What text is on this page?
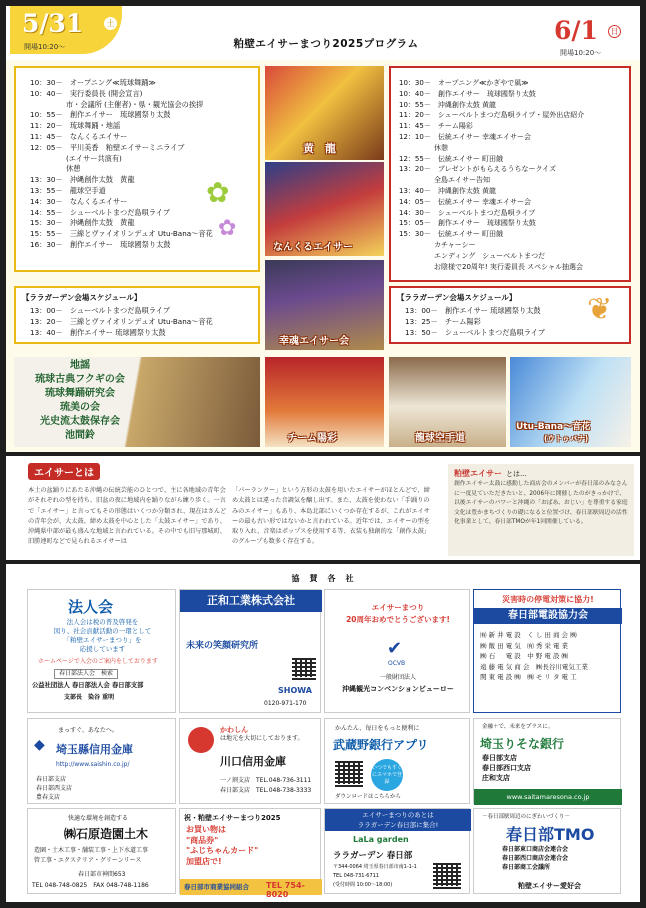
5/31	土
開場10:20～
6/1	日
開場10:20～
粕壁エイサーまつり2025プログラム
10：30－　オープニング≪琉球舞踊≫
10：40－　実行委員長 (開会宣言)
　　　　　市・会議所 (主催者)・県・観光協会の挨拶
10：55－　創作エイサー　琉球國祭り太鼓
11：20－　琉球舞踊・地謡
11：45－　なんくるエイサー
12：05－　平川美香　粕壁エイサーミニライブ
　　　　　(エイサー共演有)
　　　　　休憩
13：30－　沖縄創作太鼓　黄龍
13：55－　龍球空手道
14：30－　なんくるエイサー
14：55－　シューベルトまつだ島唄ライブ
15：30－　沖縄創作太鼓　黄龍
15：55－　三線とヴァイオリンデュオ Utu-Bana～音花
16：30－　創作エイサー　琉球國祭り太鼓
✿
✿
【ララガーデン会場スケジュール】
13：00－　シューベルトまつだ島唄ライブ
13：20－　三線とヴァイオリンデュオ Utu-Bana～音花
13：40－　創作エイサー 琉球國祭り太鼓
10：30－　オープニング≪かぎやで風≫
10：40－　創作エイサー　琉球國祭り太鼓
10：55－　沖縄創作太鼓 黄龍
11：20－　シューベルトまつだ島唄ライブ・屋外出店紹介
11：45－　チーム陽彩
12：10－　伝統エイサー 幸魂エイサー会
　　　　　休憩
12：55－　伝統エイサー 町田餓
13：20－　プレゼントがもらえるうちなークイズ
　　　　　全島エイサー告知
13：40－　沖縄創作太鼓 黄龍
14：05－　伝統エイサー 幸魂エイサー会
14：30－　シューベルトまつだ島唄ライブ
15：05－　創作エイサー　琉球國祭り太鼓
15：30－　伝統エイサー 町田餓
　　　　　カチャーシー
　　　　　エンディング　シューベルトまつだ
　　　　　お陰様で20周年! 実行委員長 スペシャル抽選会
【ララガーデン会場スケジュール】
13：00－　創作エイサー 琉球國祭り太鼓
13：25－　チーム陽彩
13：50－　シューベルトまつだ島唄ライブ
❦
黄　龍
なんくるエイサー
幸魂エイサー会
地謡
琉球古典フクギの会
琉球舞踊研究会
琉美の会
光史流太鼓保存会
池間鈴	チーム陽彩	龍球空手道
Utu-Bana～音花
(ウトゥバナ)
エイサーとは
本土の盆踊りにあたる沖縄の伝統芸能のひとつで、主に各地域の青年会がそれぞれの型を持ち、旧盆の夜に地域内を踊りながら練り歩く。一言で「エイサー」と言ってもその形態はいくつか分類され、現在はさんどの青年会が、大太鼓、締め太鼓を中心とした「太鼓エイサー」であり、沖縄県中部が最も盛んな地域と言われている。その中でも旧与那城町、旧勝連町などで見られるエイサーは
「パーランクー」という方形の太鼓を用いたエイサーがほとんどで、締め太鼓とは違った音調気を醸し出す。また、太鼓を使わない「手踊りのみのエイサー」もあり、本島北部にいくつか存在するが、これがエイサーの最も古い形ではないかと言われている。近年では、エイサーの型を取り入れ、音楽はポップスを使用する等、衣装も独創的な「創作太鼓」のグループも数多く存在する。
粕壁エイサー とは…
創作エイサー太鼓に感動した商店会のメンバーが春日部のみなさんに一度見ていただきたいと、2006年に開催したのがきっかけで、以後エイサーのパワーと沖縄の「おばあ、おじい」を尊重する家庭文化は豊かまちづくりの礎になると位置づけ、春日部駅周辺の活性化事業として、春日部TMOが年1回開催している。
協　賛　各　社
法人会
法人会は税の普及啓発を
図り、社会貢献活動の一環として
「粕壁エイサーまつり」を
応援しています
ホームページで入会のご案内をしております
春日部法人会　検索
公益社団法人 春日部法人会 春日部支部
支部長　染谷 重明
正和工業株式会社
未来の笑顔研究所
SHOWA
0120-971-170
エイサーまつり
20周年おめでとうございます!
✔
OCVB
一般財団法人
沖縄観光コンベンションビューロー
災害時の停電対策に協力!
春日部電設協力会
㈲ 新 井 電 設　く し 田 商 会 ㈱
㈱ 飯 田 電 気　㈲ 秀 栄 電 業
㈱ 石 　 電 設　中 野 電 設 ㈱
遠 藤 電 気 商 会　㈱長谷川電気工業
関 東 電 設 ㈱　㈱ モ リ タ 電 工
まっすぐ、あなたへ。
◆ 埼玉縣信用金庫
http://www.saishin.co.jp/
春日部支店
春日部西支店
豊春支店
かわしん
は地元を大切にしております。
川口信用金庫
一ノ割支店 TEL.048-736-3111
春日部支店 TEL.048-738-3333
かんたん、毎日をもっと便利に
武蔵野銀行アプリ
いつでもすぐにスマホで登録
ダウンロードはこちらから
金融＋で、未来をプラスに。
埼玉りそな銀行
春日部支店
春日部西口支店
庄和支店
www.saitamaresona.co.jp
快適な環境を創造する
㈱石原造園土木
造園・土木工事・舗装工事・上下水道工事
管工事・エクステリア・グリーンリース
春日部市神間653
TEL 048-748-0825　FAX 048-748-1186
祝・粕壁エイサーまつり2025
お買い物は
"商品券"
"ふじちゃんカード"
加盟店で!
春日部市商業協同組合 TEL 754-8020
エイサーまつりのあとは
ララガーデン春日部に集合!
LaLa garden
ララガーデン 春日部
〒344-0064 埼玉県春日部市南1-1-1
TEL 048-731-6711
(受付時間 10:00～18:00)
－春日部駅周辺のにぎわいづくり－
春日部TMO
春日部東口商店会連合会
春日部西口商店会連合会
春日部商工会議所
粕壁エイサー愛好会
